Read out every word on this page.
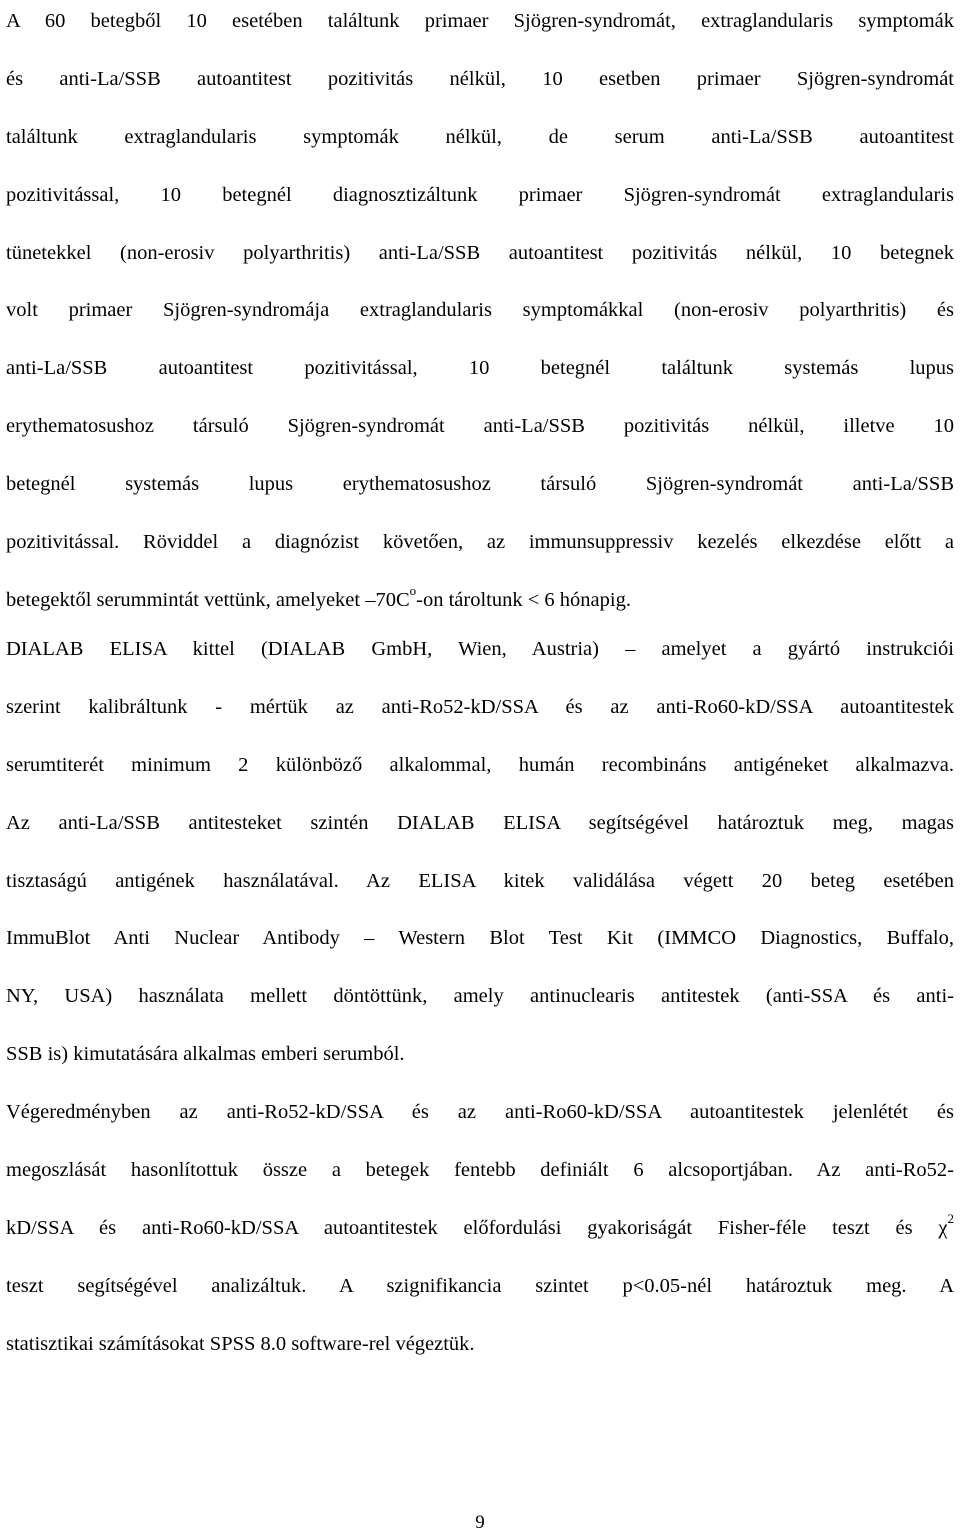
A 60 betegből 10 esetében találtunk primaer Sjögren-syndromát, extraglandularis symptomák
és anti-La/SSB autoantitest pozitivitás nélkül, 10 esetben primaer Sjögren-syndromát
találtunk extraglandularis symptomák nélkül, de serum anti-La/SSB autoantitest
pozitivitással, 10 betegnél diagnosztizáltunk primaer Sjögren-syndromát extraglandularis
tünetekkel (non-erosiv polyarthritis) anti-La/SSB autoantitest pozitivitás nélkül, 10 betegnek
volt primaer Sjögren-syndromája extraglandularis symptomákkal (non-erosiv polyarthritis) és
anti-La/SSB autoantitest pozitivitással, 10 betegnél találtunk systemás lupus
erythematosushoz társuló Sjögren-syndromát anti-La/SSB pozitivitás nélkül, illetve 10
betegnél systemás lupus erythematosushoz társuló Sjögren-syndromát anti-La/SSB
pozitivitással. Röviddel a diagnózist követően, az immunsuppressiv kezelés elkezdése előtt a
betegektől serummintát vettünk, amelyeket $-70C^o-on$ tároltunk < 6 hónapig.
DIALAB ELISA kittel (DIALAB GmbH, Wien, Austria) – amelyet a gyártó instrukciói
szerint kalibráltunk - mértük az anti-Ro52-kD/SSA és az anti-Ro60-kD/SSA autoantitestek
serumtiterét minimum 2 különböző alkalommal, humán recombináns antigéneket alkalmazva.
Az anti-La/SSB antitesteket szintén DIALAB ELISA segítségével határoztuk meg, magas
tisztaságú antigének használatával. Az ELISA kitek validálása végett 20 beteg esetében
ImmuBlot Anti Nuclear Antibody – Western Blot Test Kit (IMMCO Diagnostics, Buffalo,
NY, USA) használata mellett döntöttünk, amely antinuclearis antitestek (anti-SSA és anti-
SSB is) kimutatására alkalmas emberi serumból.
Végeredményben az anti-Ro52-kD/SSA és az anti-Ro60-kD/SSA autoantitestek jelenlétét és
megoszlását hasonlítottuk össze a betegek fentebb definiált 6 alcsoportjában. Az anti-Ro52-
kD/SSA és anti-Ro60-kD/SSA autoantitestek előfordulási gyakoriságát Fisher-féle teszt és $\chi^2$
teszt segítségével analizáltuk. A szignifikancia szintet p<0.05-nél határoztuk meg. A
statisztikai számításokat SPSS 8.0 software-rel végeztük.
9
